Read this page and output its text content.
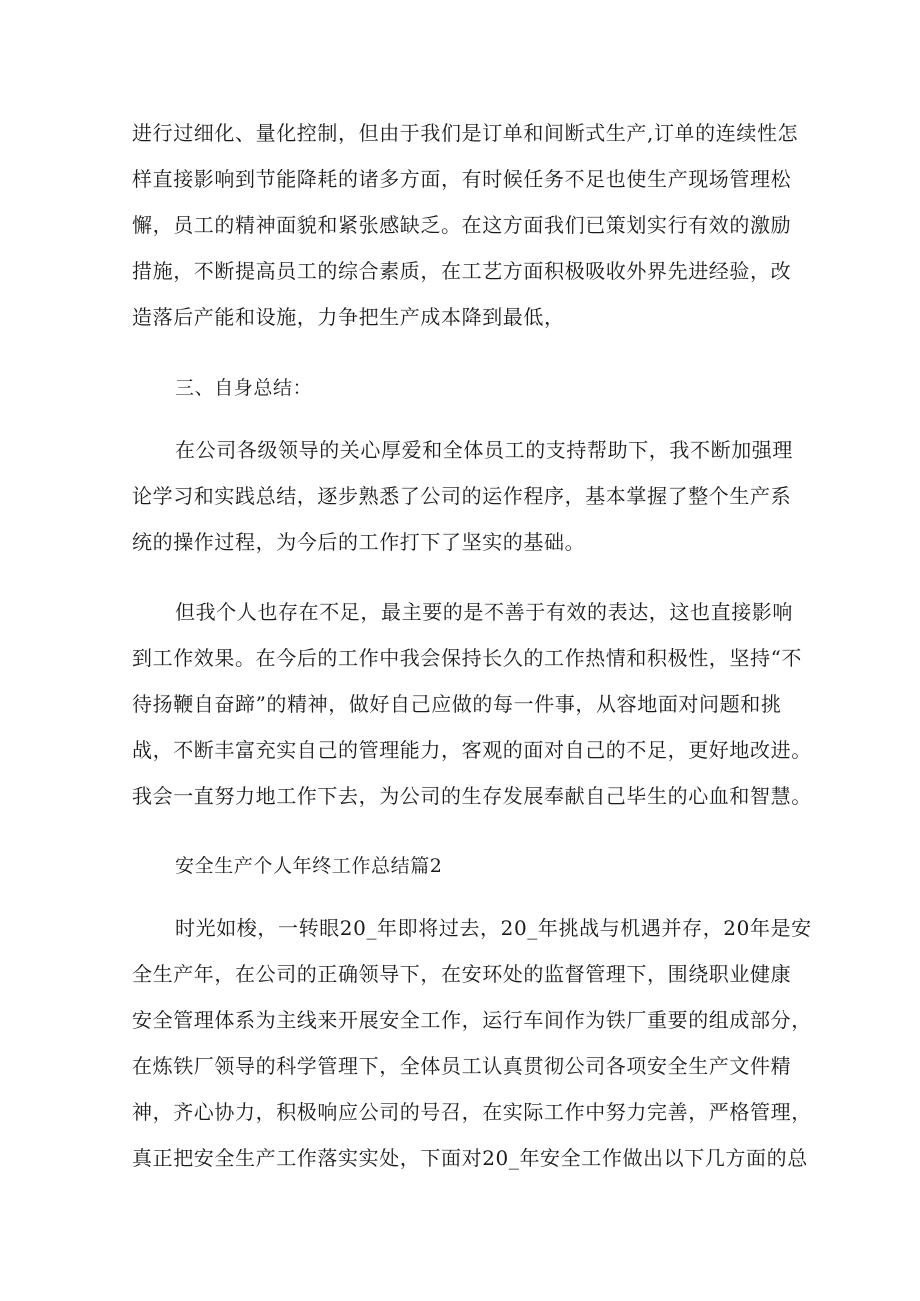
进行过细化、量化控制，但由于我们是订单和间断式生产,订单的连续性怎
样直接影响到节能降耗的诸多方面，有时候任务不足也使生产现场管理松
懈，员工的精神面貌和紧张感缺乏。在这方面我们已策划实行有效的激励
措施，不断提高员工的综合素质，在工艺方面积极吸收外界先进经验，改
造落后产能和设施，力争把生产成本降到最低，
三、自身总结：
在公司各级领导的关心厚爱和全体员工的支持帮助下，我不断加强理
论学习和实践总结，逐步熟悉了公司的运作程序，基本掌握了整个生产系
统的操作过程，为今后的工作打下了坚实的基础。
但我个人也存在不足，最主要的是不善于有效的表达，这也直接影响
到工作效果。在今后的工作中我会保持长久的工作热情和积极性，坚持“不
待扬鞭自奋蹄”的精神，做好自己应做的每一件事，从容地面对问题和挑
战，不断丰富充实自己的管理能力，客观的面对自己的不足，更好地改进。
我会一直努力地工作下去，为公司的生存发展奉献自己毕生的心血和智慧。
安全生产个人年终工作总结篇2
时光如梭，一转眼20_年即将过去，20_年挑战与机遇并存，20年是安
全生产年，在公司的正确领导下，在安环处的监督管理下，围绕职业健康
安全管理体系为主线来开展安全工作，运行车间作为铁厂重要的组成部分，
在炼铁厂领导的科学管理下，全体员工认真贯彻公司各项安全生产文件精
神，齐心协力，积极响应公司的号召，在实际工作中努力完善，严格管理，
真正把安全生产工作落实实处，下面对20_年安全工作做出以下几方面的总
